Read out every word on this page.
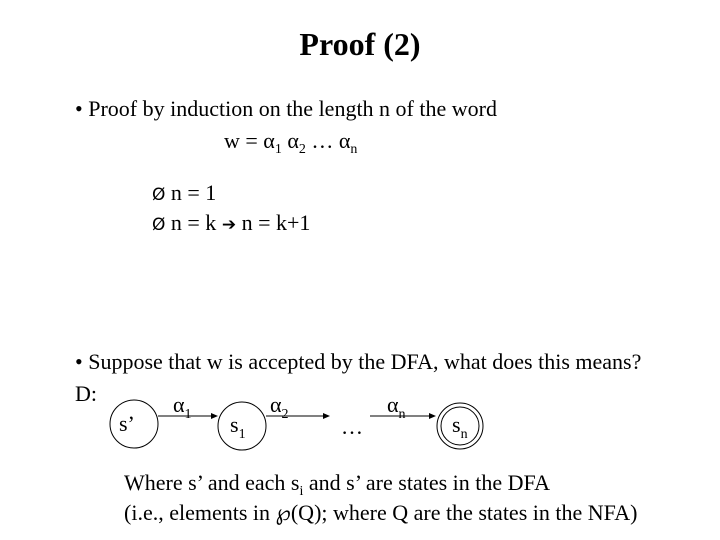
Proof (2)
• Proof by induction on the length n of the word
$w = \alpha_1$ $\alpha_2$ … $\alpha_n$
Ø n = 1
Ø n = k ➔ n = k+1
• Suppose that w is accepted by the DFA, what does this means?
D:
s’
$\alpha_1$ $s_1$
$\alpha_2$ …
$\alpha_n$ $s_n$
Where s’ and each $s_i$ and s’ are states in the DFA
(i.e., elements in ℘(Q); where Q are the states in the NFA)
